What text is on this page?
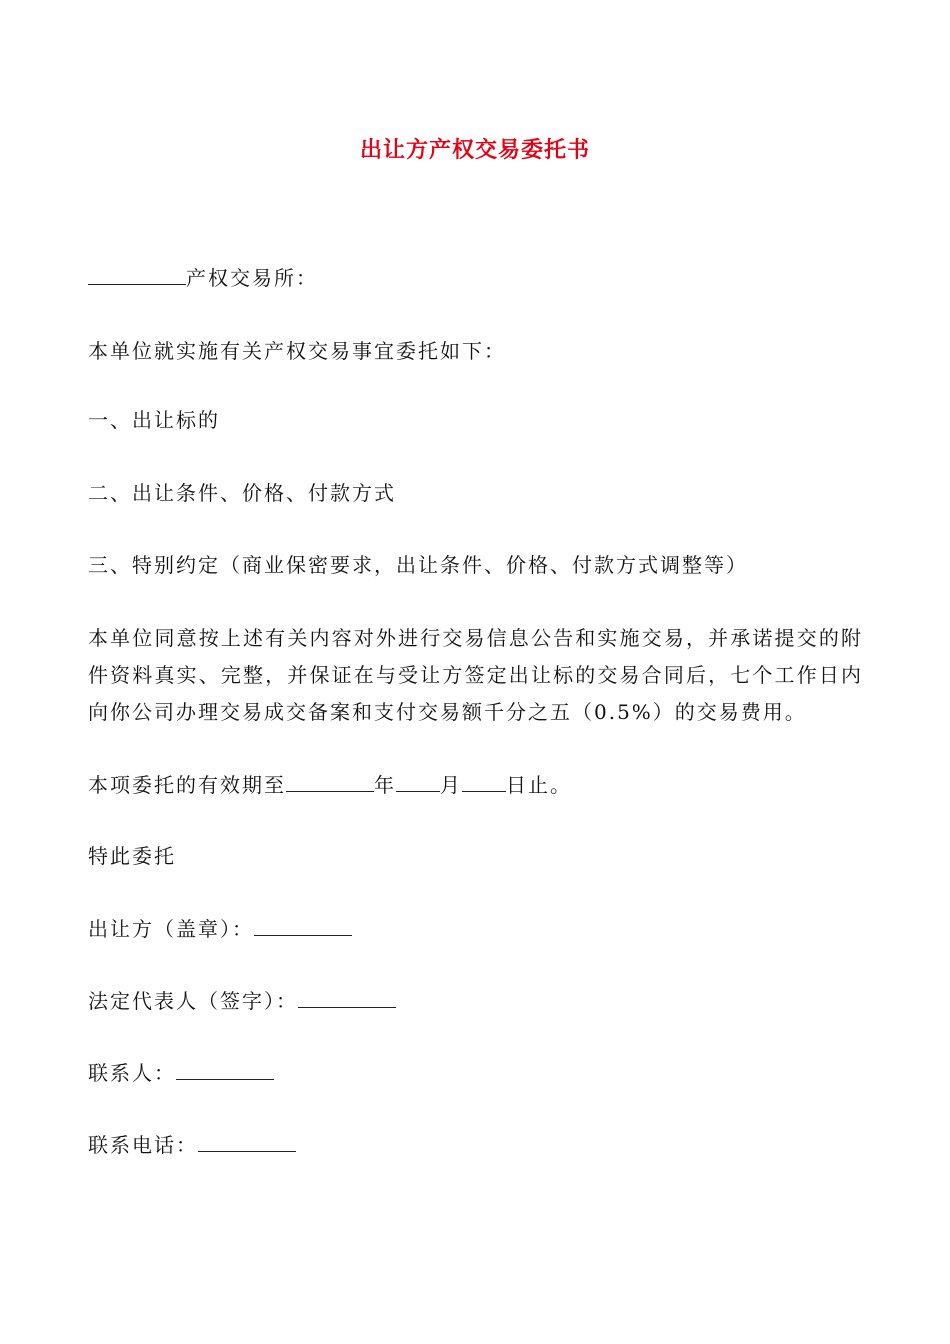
出让方产权交易委托书
产权交易所：
本单位就实施有关产权交易事宜委托如下：
一、出让标的
二、出让条件、价格、付款方式
三、特别约定（商业保密要求，出让条件、价格、付款方式调整等）
本单位同意按上述有关内容对外进行交易信息公告和实施交易，并承诺提交的附件资料真实、完整，并保证在与受让方签定出让标的交易合同后，七个工作日内向你公司办理交易成交备案和支付交易额千分之五（0.5%）的交易费用。
本项委托的有效期至	年 月 日止。
特此委托
出让方（盖章）：
法定代表人（签字）：
联系人：
联系电话：
